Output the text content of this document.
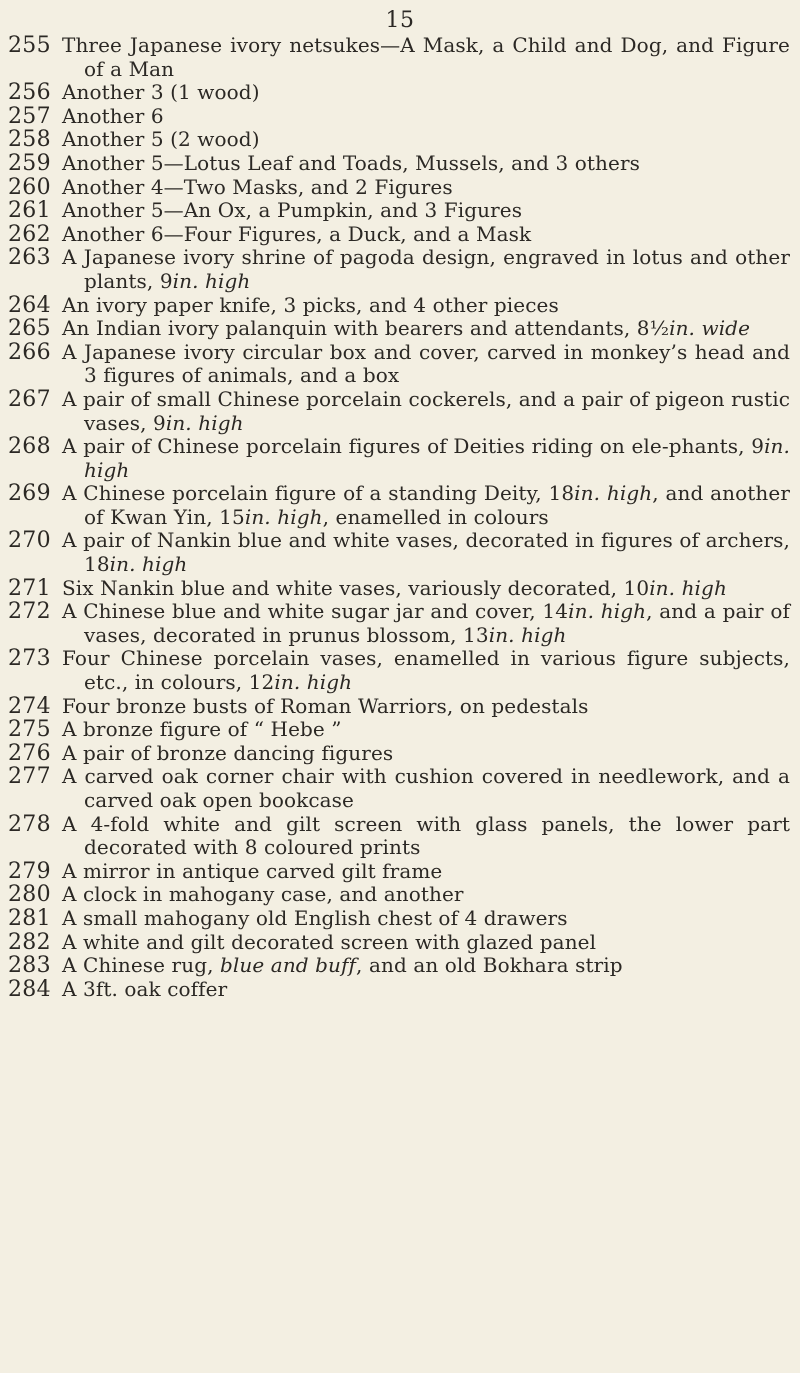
15
255 Three Japanese ivory netsukes—A Mask, a Child and Dog, and Figure of a Man
256 Another 3 (1 wood)
257 Another 6
258 Another 5 (2 wood)
259 Another 5—Lotus Leaf and Toads, Mussels, and 3 others
260 Another 4—Two Masks, and 2 Figures
261 Another 5—An Ox, a Pumpkin, and 3 Figures
262 Another 6—Four Figures, a Duck, and a Mask
263 A Japanese ivory shrine of pagoda design, engraved in lotus and other plants, 9in. high
264 An ivory paper knife, 3 picks, and 4 other pieces
265 An Indian ivory palanquin with bearers and attendants, 8½in. wide
266 A Japanese ivory circular box and cover, carved in monkey’s head and 3 figures of animals, and a box
267 A pair of small Chinese porcelain cockerels, and a pair of pigeon rustic vases, 9in. high
268 A pair of Chinese porcelain figures of Deities riding on ele-phants, 9in. high
269 A Chinese porcelain figure of a standing Deity, 18in. high, and another of Kwan Yin, 15in. high, enamelled in colours
270 A pair of Nankin blue and white vases, decorated in figures of archers, 18in. high
271 Six Nankin blue and white vases, variously decorated, 10in. high
272 A Chinese blue and white sugar jar and cover, 14in. high, and a pair of vases, decorated in prunus blossom, 13in. high
273 Four Chinese porcelain vases, enamelled in various figure subjects, etc., in colours, 12in. high
274 Four bronze busts of Roman Warriors, on pedestals
275 A bronze figure of “ Hebe ”
276 A pair of bronze dancing figures
277 A carved oak corner chair with cushion covered in needlework, and a carved oak open bookcase
278 A 4-fold white and gilt screen with glass panels, the lower part decorated with 8 coloured prints
279 A mirror in antique carved gilt frame
280 A clock in mahogany case, and another
281 A small mahogany old English chest of 4 drawers
282 A white and gilt decorated screen with glazed panel
283 A Chinese rug, blue and buff, and an old Bokhara strip
284 A 3ft. oak coffer
